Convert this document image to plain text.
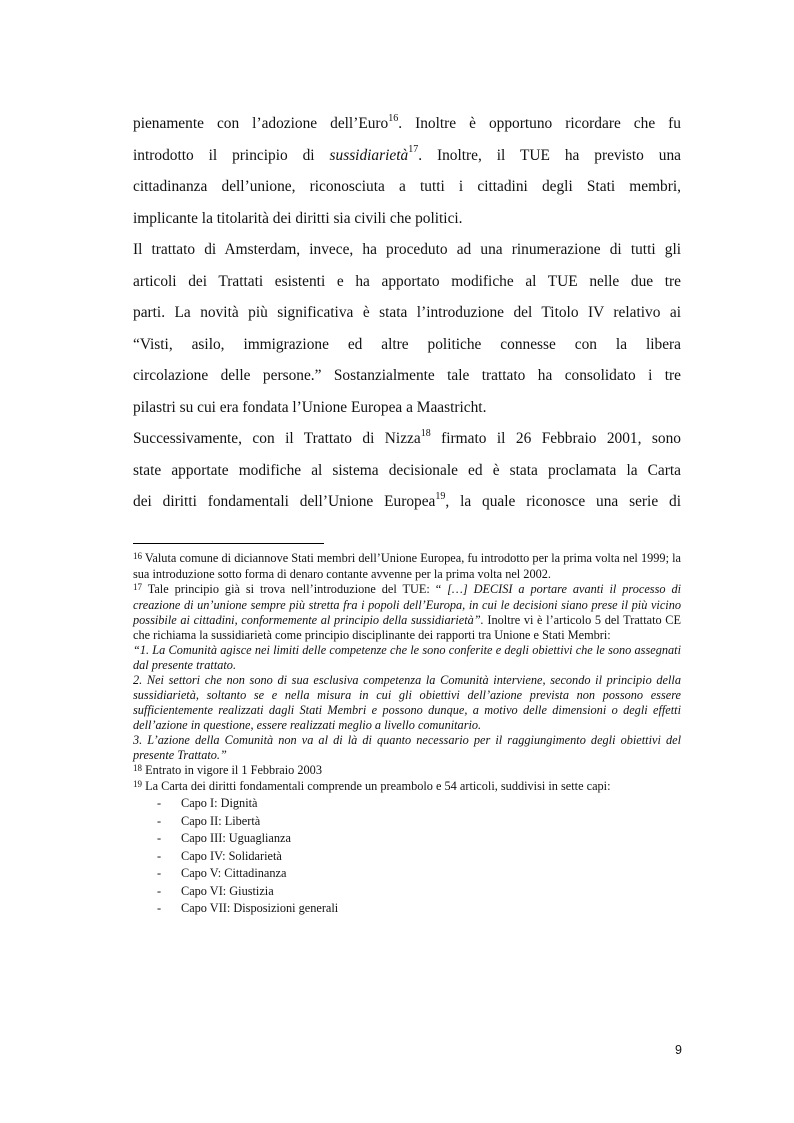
pienamente con l’adozione dell’Euro$^{16}$. Inoltre è opportuno ricordare che fu

introdotto il principio di sussidiarietà$^{17}$. Inoltre, il TUE ha previsto una

cittadinanza dell’unione, riconosciuta a tutti i cittadini degli Stati membri,

implicante la titolarità dei diritti sia civili che politici.

Il trattato di Amsterdam, invece, ha proceduto ad una rinumerazione di tutti gli

articoli dei Trattati esistenti e ha apportato modifiche al TUE nelle due tre

parti. La novità più significativa è stata l’introduzione del Titolo IV relativo ai

“Visti, asilo, immigrazione ed altre politiche connesse con la libera

circolazione delle persone.” Sostanzialmente tale trattato ha consolidato i tre

pilastri su cui era fondata l’Unione Europea a Maastricht.

Successivamente, con il Trattato di Nizza$^{18}$ firmato il 26 Febbraio 2001, sono

state apportate modifiche al sistema decisionale ed è stata proclamata la Carta

dei diritti fondamentali dell’Unione Europea$^{19}$, la quale riconosce una serie di

$^{16}$ Valuta comune di diciannove Stati membri dell’Unione Europea, fu introdotto per la prima volta nel 1999; la sua introduzione sotto forma di denaro contante avvenne per la prima volta nel 2002.

$^{17}$ Tale principio già si trova nell’introduzione del TUE: “ […] DECISI a portare avanti il processo di creazione di un’unione sempre più stretta fra i popoli dell’Europa, in cui le decisioni siano prese il più vicino possibile ai cittadini, conformemente al principio della sussidiarietà”. Inoltre vi è l’articolo 5 del Trattato CE che richiama la sussidiarietà come principio disciplinante dei rapporti tra Unione e Stati Membri:

“1. La Comunità agisce nei limiti delle competenze che le sono conferite e degli obiettivi che le sono assegnati dal presente trattato.

2. Nei settori che non sono di sua esclusiva competenza la Comunità interviene, secondo il principio della sussidiarietà, soltanto se e nella misura in cui gli obiettivi dell’azione prevista non possono essere sufficientemente realizzati dagli Stati Membri e possono dunque, a motivo delle dimensioni o degli effetti dell’azione in questione, essere realizzati meglio a livello comunitario.

3. L’azione della Comunità non va al di là di quanto necessario per il raggiungimento degli obiettivi del presente Trattato.”

$^{18}$ Entrato in vigore il 1 Febbraio 2003

$^{19}$ La Carta dei diritti fondamentali comprende un preambolo e 54 articoli, suddivisi in sette capi:

- Capo I: Dignità
- Capo II: Libertà
- Capo III: Uguaglianza
- Capo IV: Solidarietà
- Capo V: Cittadinanza
- Capo VI: Giustizia
- Capo VII: Disposizioni generali
9
